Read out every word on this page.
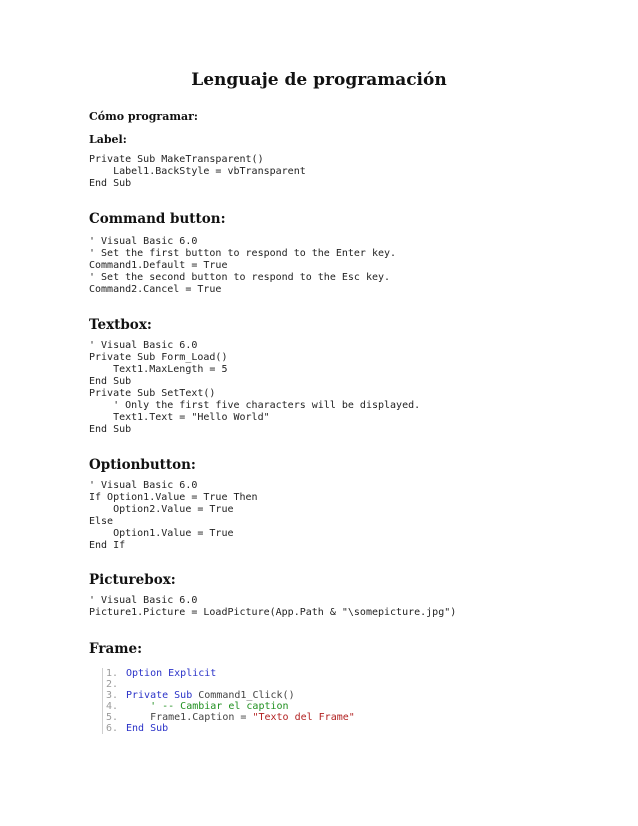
Lenguaje de programación

Cómo programar:

Label:

Private Sub MakeTransparent()
Label1.BackStyle = vbTransparent
End Sub

Command button:

' Visual Basic 6.0
' Set the first button to respond to the Enter key.
Command1.Default = True
' Set the second button to respond to the Esc key.
Command2.Cancel = True

Textbox:

' Visual Basic 6.0
Private Sub Form_Load()
Text1.MaxLength = 5
End Sub
Private Sub SetText()
' Only the first five characters will be displayed.
Text1.Text = "Hello World"
End Sub

Optionbutton:

' Visual Basic 6.0
If Option1.Value = True Then
Option2.Value = True
Else
Option1.Value = True
End If

Picturebox:

' Visual Basic 6.0
Picture1.Picture = LoadPicture(App.Path & "\somepicture.jpg")

Frame:

1. Option Explicit
2.
3. Private Sub Command1_Click()
4. ' -- Cambiar el caption
5. Frame1.Caption = "Texto del Frame"
6. End Sub
